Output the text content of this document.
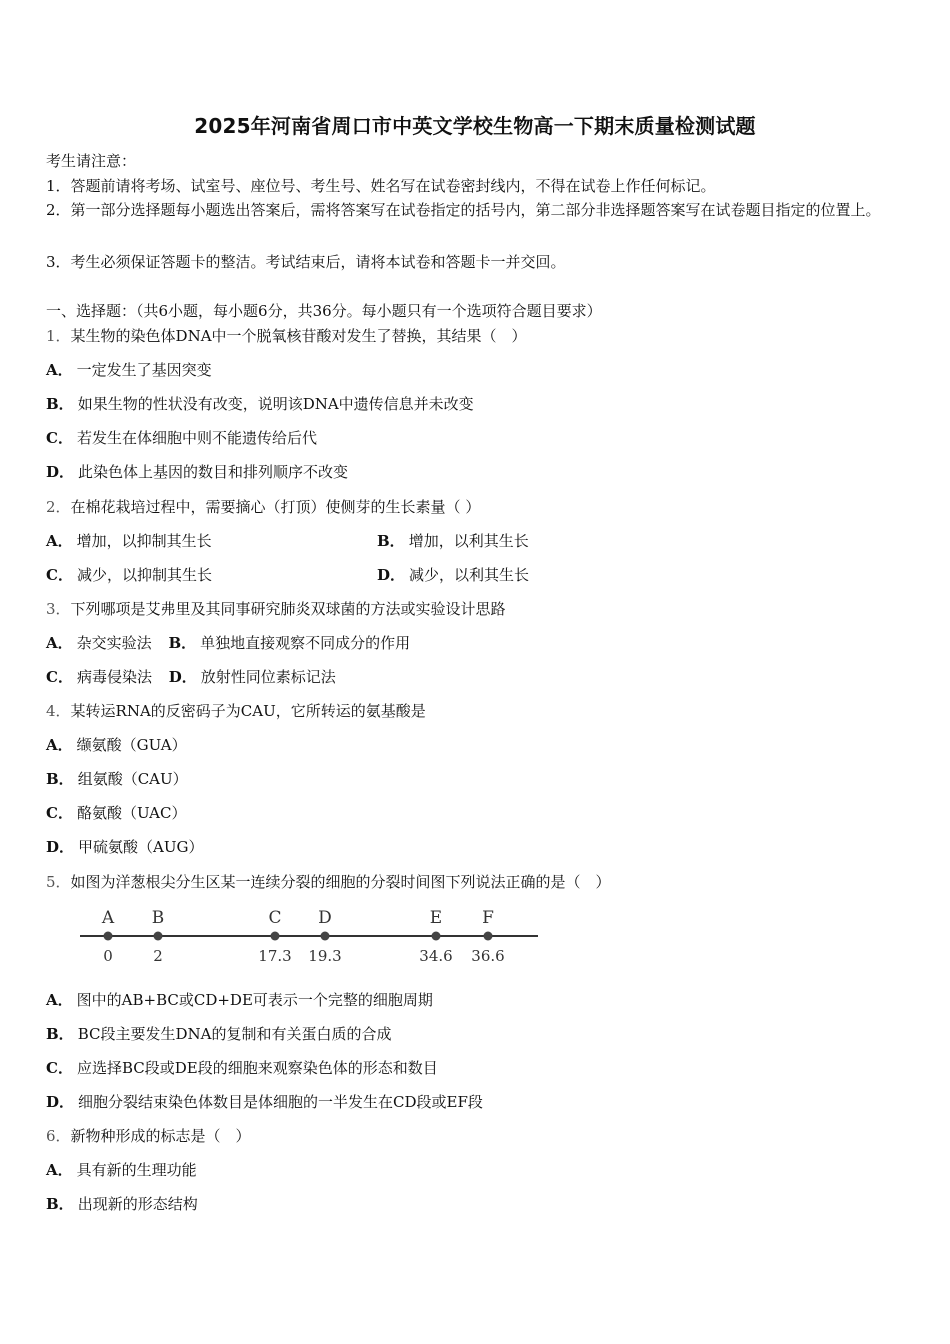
2025年河南省周口市中英文学校生物高一下期末质量检测试题
考生请注意：
1．答题前请将考场、试室号、座位号、考生号、姓名写在试卷密封线内，不得在试卷上作任何标记。
2．第一部分选择题每小题选出答案后，需将答案写在试卷指定的括号内，第二部分非选择题答案写在试卷题目指定的位置上。
3．考生必须保证答题卡的整洁。考试结束后，请将本试卷和答题卡一并交回。
一、选择题：（共6小题，每小题6分，共36分。每小题只有一个选项符合题目要求）
1．某生物的染色体DNA中一个脱氧核苷酸对发生了替换，其结果（　）
A． 一定发生了基因突变
B． 如果生物的性状没有改变，说明该DNA中遗传信息并未改变
C． 若发生在体细胞中则不能遗传给后代
D． 此染色体上基因的数目和排列顺序不改变
2．在棉花栽培过程中，需要摘心（打顶）使侧芽的生长素量（ ）
A． 增加，以抑制其生长	B． 增加，以利其生长
C． 减少，以抑制其生长	D． 减少，以利其生长
3．下列哪项是艾弗里及其同事研究肺炎双球菌的方法或实验设计思路
A． 杂交实验法 B． 单独地直接观察不同成分的作用
C． 病毒侵染法 D． 放射性同位素标记法
4．某转运RNA的反密码子为CAU，它所转运的氨基酸是
A． 缬氨酸（GUA）
B． 组氨酸（CAU）
C． 酪氨酸（UAC）
D． 甲硫氨酸（AUG）
5．如图为洋葱根尖分生区某一连续分裂的细胞的分裂时间图下列说法正确的是（　）
A
0
B
2
C
17.3
D
19.3
E
34.6
F
36.6
A． 图中的AB+BC或CD+DE可表示一个完整的细胞周期
B． BC段主要发生DNA的复制和有关蛋白质的合成
C． 应选择BC段或DE段的细胞来观察染色体的形态和数目
D． 细胞分裂结束染色体数目是体细胞的一半发生在CD段或EF段
6．新物种形成的标志是（　）
A． 具有新的生理功能
B． 出现新的形态结构
